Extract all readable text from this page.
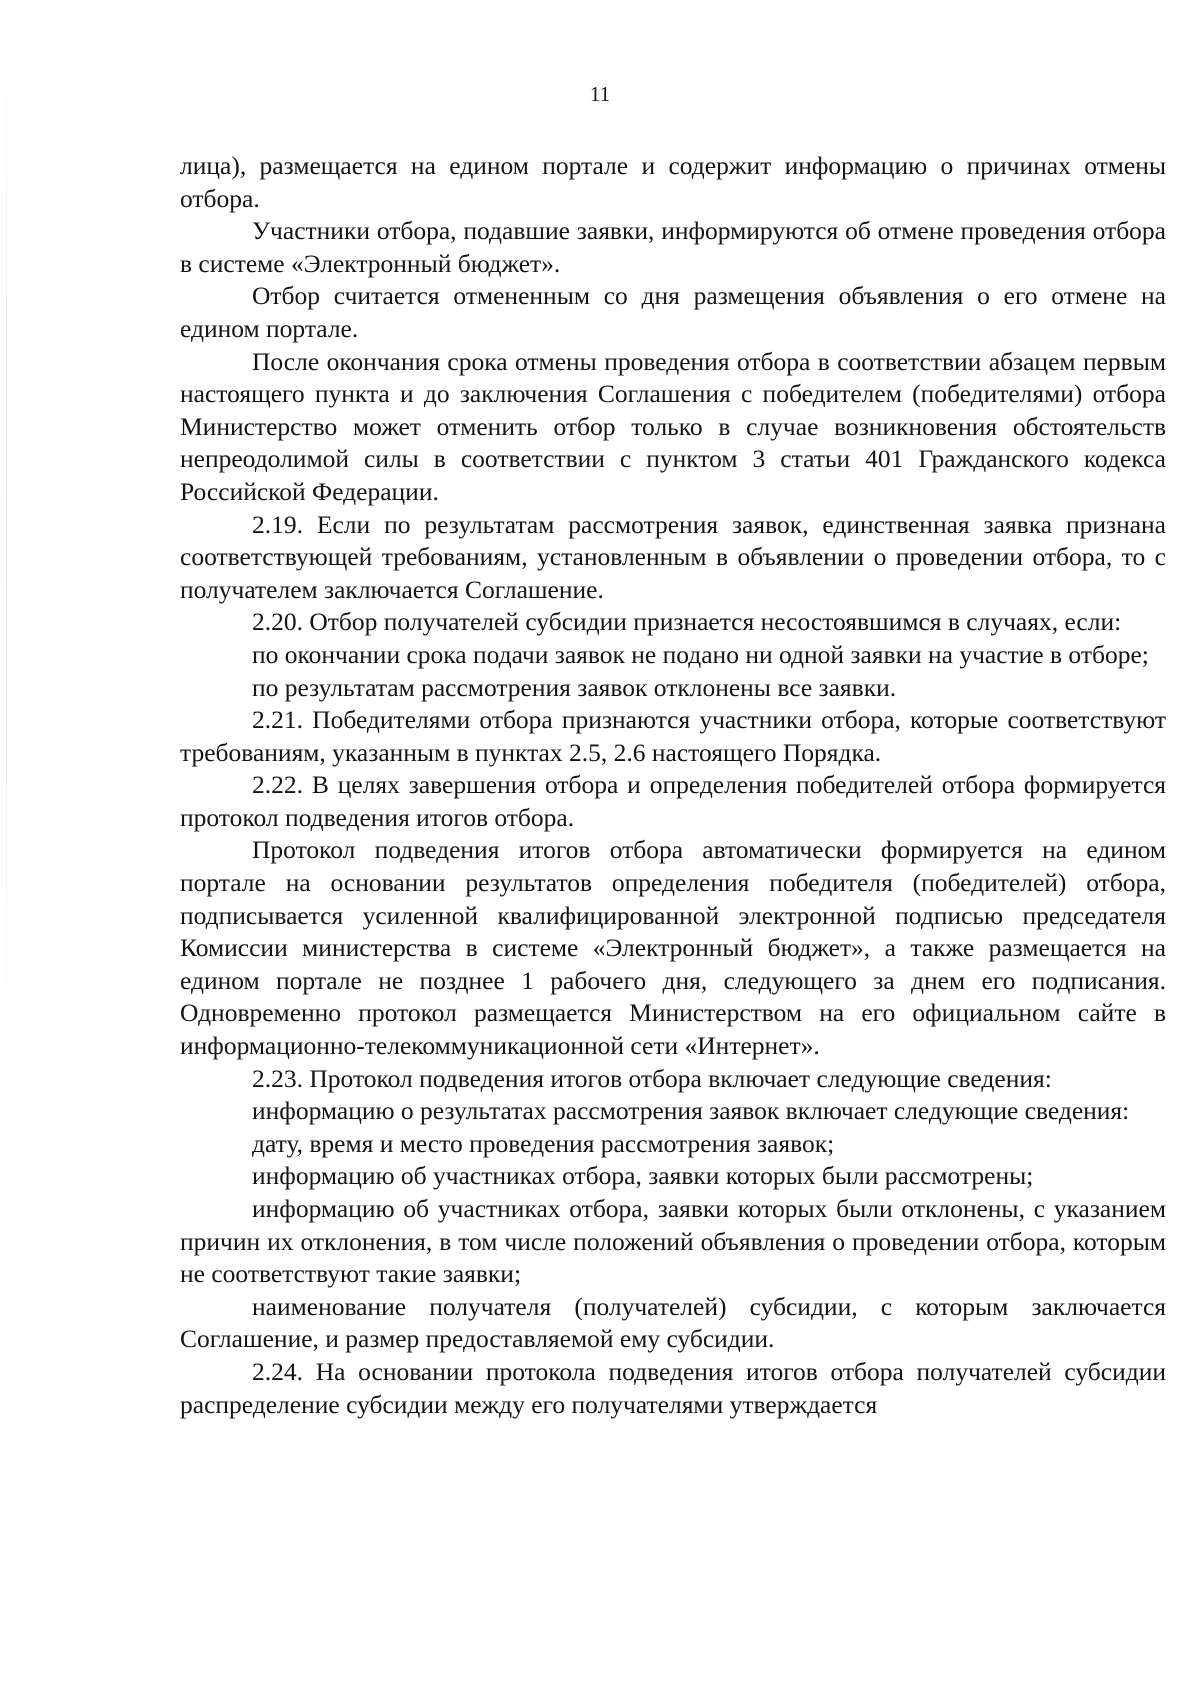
11

лица), размещается на едином портале и содержит информацию о причинах отмены отбора.

Участники отбора, подавшие заявки, информируются об отмене проведения отбора в системе «Электронный бюджет».

Отбор считается отмененным со дня размещения объявления о его отмене на едином портале.

После окончания срока отмены проведения отбора в соответствии абзацем первым настоящего пункта и до заключения Соглашения с победителем (победителями) отбора Министерство может отменить отбор только в случае возникновения обстоятельств непреодолимой силы в соответствии с пунктом 3 статьи 401 Гражданского кодекса Российской Федерации.

2.19. Если по результатам рассмотрения заявок, единственная заявка признана соответствующей требованиям, установленным в объявлении о проведении отбора, то с получателем заключается Соглашение.

2.20. Отбор получателей субсидии признается несостоявшимся в случаях, если:

по окончании срока подачи заявок не подано ни одной заявки на участие в отборе;

по результатам рассмотрения заявок отклонены все заявки.

2.21. Победителями отбора признаются участники отбора, которые соответствуют требованиям, указанным в пунктах 2.5, 2.6 настоящего Порядка.

2.22. В целях завершения отбора и определения победителей отбора формируется протокол подведения итогов отбора.

Протокол подведения итогов отбора автоматически формируется на едином портале на основании результатов определения победителя (победителей) отбора, подписывается усиленной квалифицированной электронной подписью председателя Комиссии министерства в системе «Электронный бюджет», а также размещается на едином портале не позднее 1 рабочего дня, следующего за днем его подписания. Одновременно протокол размещается Министерством на его официальном сайте в информационно-телекоммуникационной сети «Интернет».

2.23. Протокол подведения итогов отбора включает следующие сведения:

информацию о результатах рассмотрения заявок включает следующие сведения:

дату, время и место проведения рассмотрения заявок;

информацию об участниках отбора, заявки которых были рассмотрены;

информацию об участниках отбора, заявки которых были отклонены, с указанием причин их отклонения, в том числе положений объявления о проведении отбора, которым не соответствуют такие заявки;

наименование получателя (получателей) субсидии, с которым заключается Соглашение, и размер предоставляемой ему субсидии.

2.24. На основании протокола подведения итогов отбора получателей субсидии распределение субсидии между его получателями утверждается
